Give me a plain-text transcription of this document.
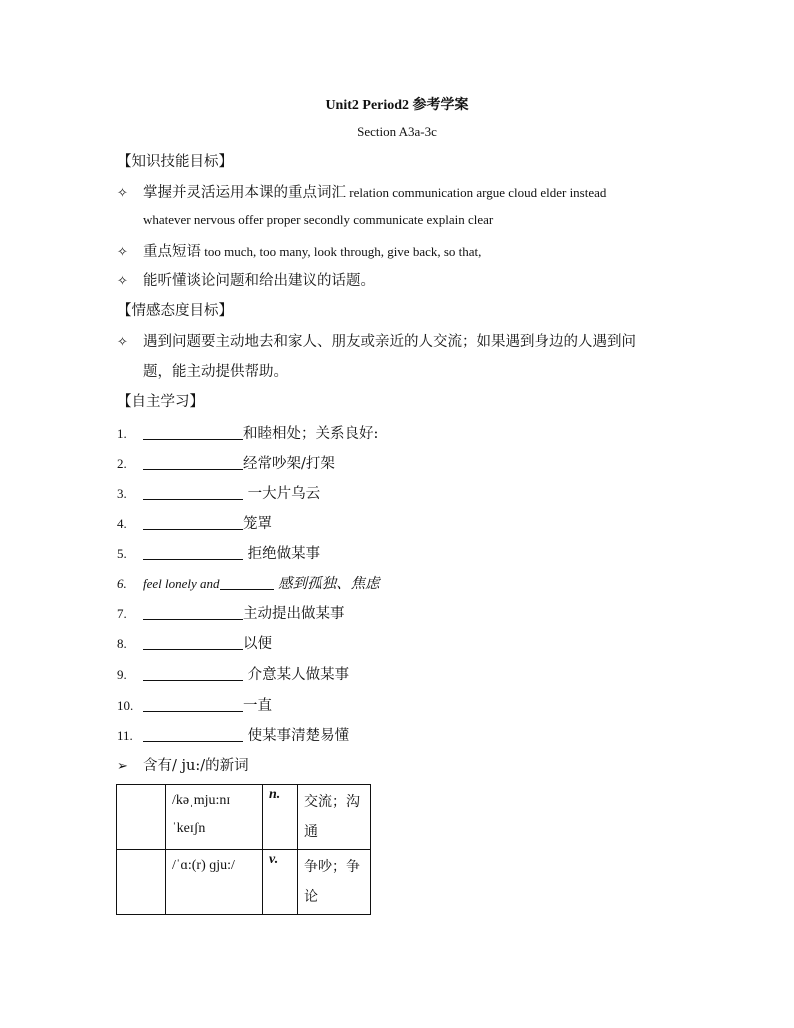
Unit2 Period2 参考学案
Section A3a-3c
【知识技能目标】
✧ 掌握并灵活运用本课的重点词汇 relation communication argue cloud elder instead
whatever nervous offer proper secondly communicate explain clear
✧ 重点短语 too much, too many, look through, give back, so that,
✧ 能听懂谈论问题和给出建议的话题。
【情感态度目标】
✧ 遇到问题要主动地去和家人、朋友或亲近的人交流；如果遇到身边的人遇到问
题，能主动提供帮助。
【自主学习】
1.	和睦相处；关系良好:
2.	经常吵架/打架
3.	一大片乌云
4.	笼罩
5.	拒绝做某事
6. feel lonely and	感到孤独、焦虑
7.	主动提出做某事
8.	以便
9.	介意某人做某事
10.	一直
11.	使某事清楚易懂
➢ 含有/ ju:/的新词
	/kəˌmju:nɪˈkeɪʃn	n.	交流；沟通
	/ˈɑ:(r) ɡju:/	v.	争吵；争论
